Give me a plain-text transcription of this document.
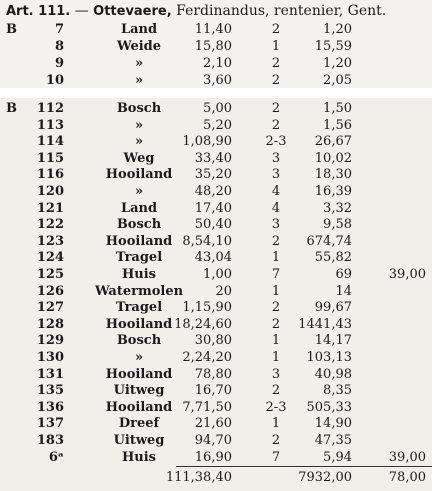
Art. 111. — Ottevaere, Ferdinandus, rentenier, Gent.
B	7	Land	11,40	2	1,20
8	Weide	15,80	1	15,59
9	»	2,10	2	1,20
10	»	3,60	2	2,05
B	112	Bosch	5,00	2	1,50
113	»	5,20	2	1,56
114	»	1,08,90	2-3	26,67
115	Weg	33,40	3	10,02
116	Hooiland	35,20	3	18,30
120	»	48,20	4	16,39
121	Land	17,40	4	3,32
122	Bosch	50,40	3	9,58
123	Hooiland 8,54,10	2	674,74
124	Tragel	43,04	1	55,82
125	Huis	1,00	7	69	39,00
126	Watermolen	20	1	14
127	Tragel	1,15,90	2	99,67
128	Hooiland 18,24,60	2	1441,43
129	Bosch	30,80	1	14,17
130	»	2,24,20	1	103,13
131	Hooiland	78,80	3	40,98
135	Uitweg	16,70	2	8,35
136	Hooiland 7,71,50	2-3	505,33
137	Dreef	21,60	1	14,90
183	Uitweg	94,70	2	47,35
6ᵃ	Huis	16,90	7	5,94	39,00
111,38,40	7932,00	78,00
